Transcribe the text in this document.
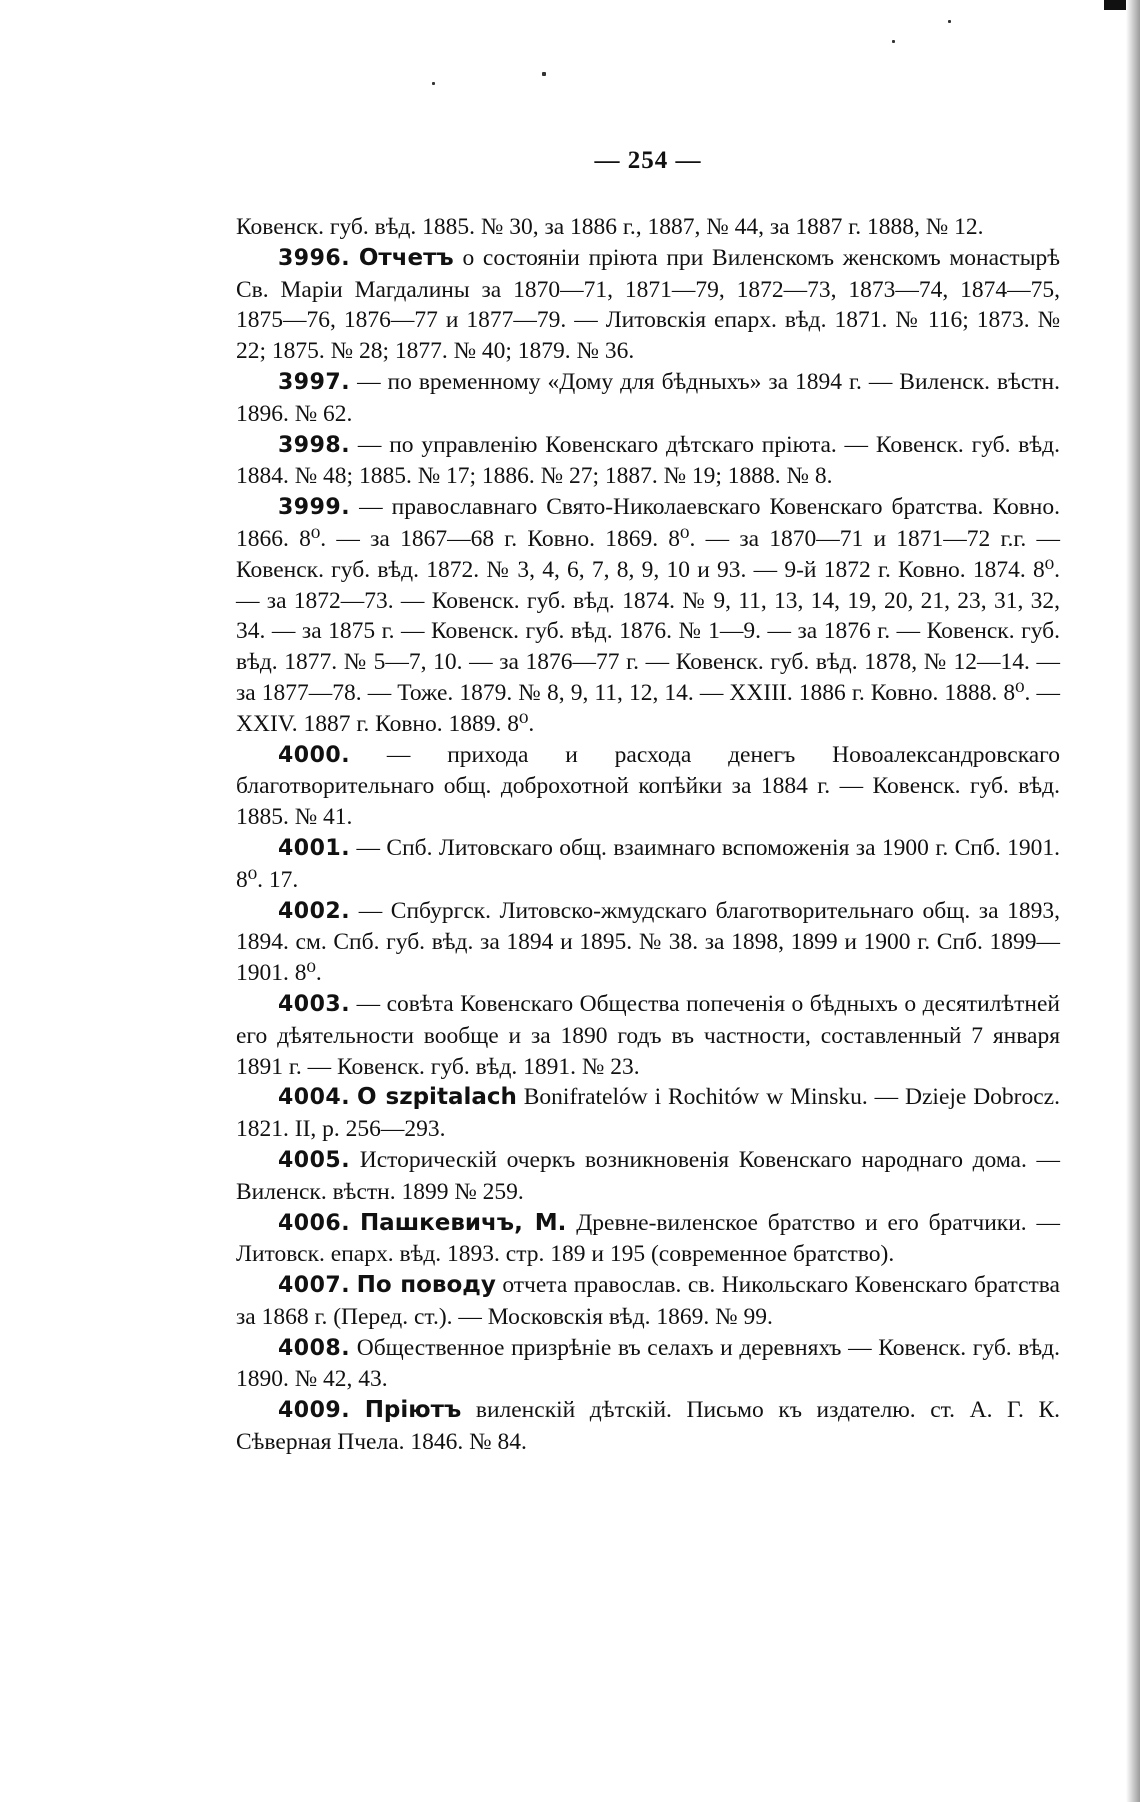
— 254 —

Ковенск. губ. вѣд. 1885. № 30, за 1886 г., 1887, № 44, за 1887 г. 1888, № 12.

3996. Отчетъ о состояніи пріюта при Виленскомъ женскомъ монастырѣ Св. Маріи Магдалины за 1870—71, 1871—79, 1872—73, 1873—74, 1874—75, 1875—76, 1876—77 и 1877—79. — Литовскія епарх. вѣд. 1871. № 116; 1873. № 22; 1875. № 28; 1877. № 40; 1879. № 36.

3997. — по временному «Дому для бѣдныхъ» за 1894 г. — Виленск. вѣстн. 1896. № 62.

3998. — по управленію Ковенскаго дѣтскаго пріюта. — Ковенск. губ. вѣд. 1884. № 48; 1885. № 17; 1886. № 27; 1887. № 19; 1888. № 8.

3999. — православнаго Свято-Николаевскаго Ковенскаго братства. Ковно. 1866. 8⁰. — за 1867—68 г. Ковно. 1869. 8⁰. — за 1870—71 и 1871—72 г.г. — Ковенск. губ. вѣд. 1872. № 3, 4, 6, 7, 8, 9, 10 и 93. — 9-й 1872 г. Ковно. 1874. 8⁰. — за 1872—73. — Ковенск. губ. вѣд. 1874. № 9, 11, 13, 14, 19, 20, 21, 23, 31, 32, 34. — за 1875 г. — Ковенск. губ. вѣд. 1876. № 1—9. — за 1876 г. — Ковенск. губ. вѣд. 1877. № 5—7, 10. — за 1876—77 г. — Ковенск. губ. вѣд. 1878, № 12—14. — за 1877—78. — Тоже. 1879. № 8, 9, 11, 12, 14. — XXIII. 1886 г. Ковно. 1888. 8⁰. — XXIV. 1887 г. Ковно. 1889. 8⁰.

4000. — прихода и расхода денегъ Новоалександровскаго благотворительнаго общ. доброхотной копѣйки за 1884 г. — Ковенск. губ. вѣд. 1885. № 41.

4001. — Спб. Литовскаго общ. взаимнаго вспоможенія за 1900 г. Спб. 1901. 8⁰. 17.

4002. — Спбургск. Литовско-жмудскаго благотворительнаго общ. за 1893, 1894. см. Спб. губ. вѣд. за 1894 и 1895. № 38. за 1898, 1899 и 1900 г. Спб. 1899—1901. 8⁰.

4003. — совѣта Ковенскаго Общества попеченія о бѣдныхъ о десятилѣтней его дѣятельности вообще и за 1890 годъ въ частности, составленный 7 января 1891 г. — Ковенск. губ. вѣд. 1891. № 23.

4004. O szpitalach Bonifratelów i Rochitów w Minsku. — Dzieje Dobrocz. 1821. II, p. 256—293.

4005. Историческій очеркъ возникновенія Ковенскаго народнаго дома. — Виленск. вѣстн. 1899 № 259.

4006. Пашкевичъ, М. Древне-виленское братство и его братчики. — Литовск. епарх. вѣд. 1893. стр. 189 и 195 (современное братство).

4007. По поводу отчета православ. св. Никольскаго Ковенскаго братства за 1868 г. (Перед. ст.). — Московскія вѣд. 1869. № 99.

4008. Общественное призрѣніе въ селахъ и деревняхъ — Ковенск. губ. вѣд. 1890. № 42, 43.

4009. Пріютъ виленскій дѣтскій. Письмо къ издателю. ст. А. Г. К. Сѣверная Пчела. 1846. № 84.
